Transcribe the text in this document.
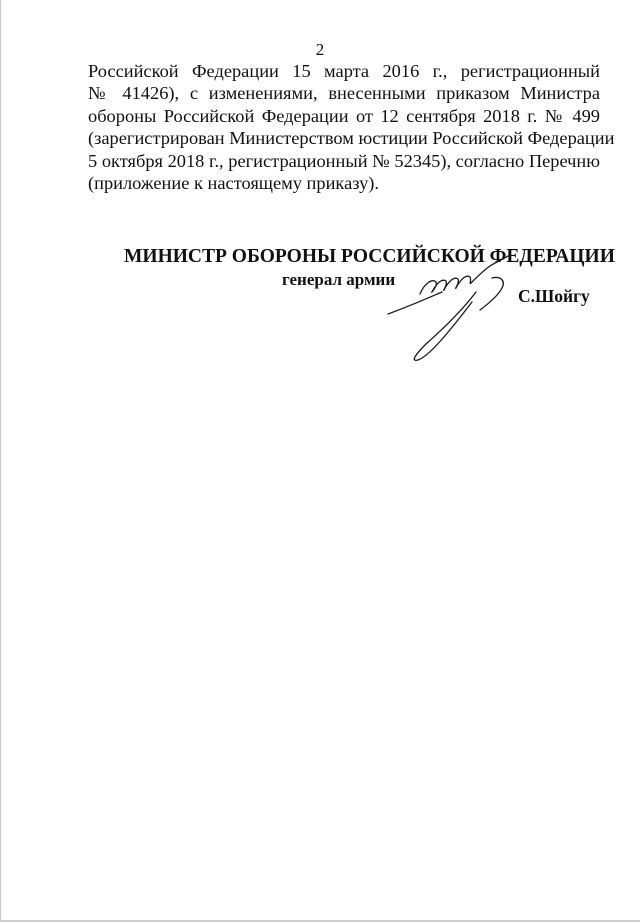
2

Российской Федерации 15 марта 2016 г., регистрационный
№ 41426), с изменениями, внесенными приказом Министра
обороны Российской Федерации от 12 сентября 2018 г. № 499
(зарегистрирован Министерством юстиции Российской Федерации
5 октября 2018 г., регистрационный № 52345), согласно Перечню
(приложение к настоящему приказу).

МИНИСТР ОБОРОНЫ РОССИЙСКОЙ ФЕДЕРАЦИИ
генерал армии
С.Шойгу
